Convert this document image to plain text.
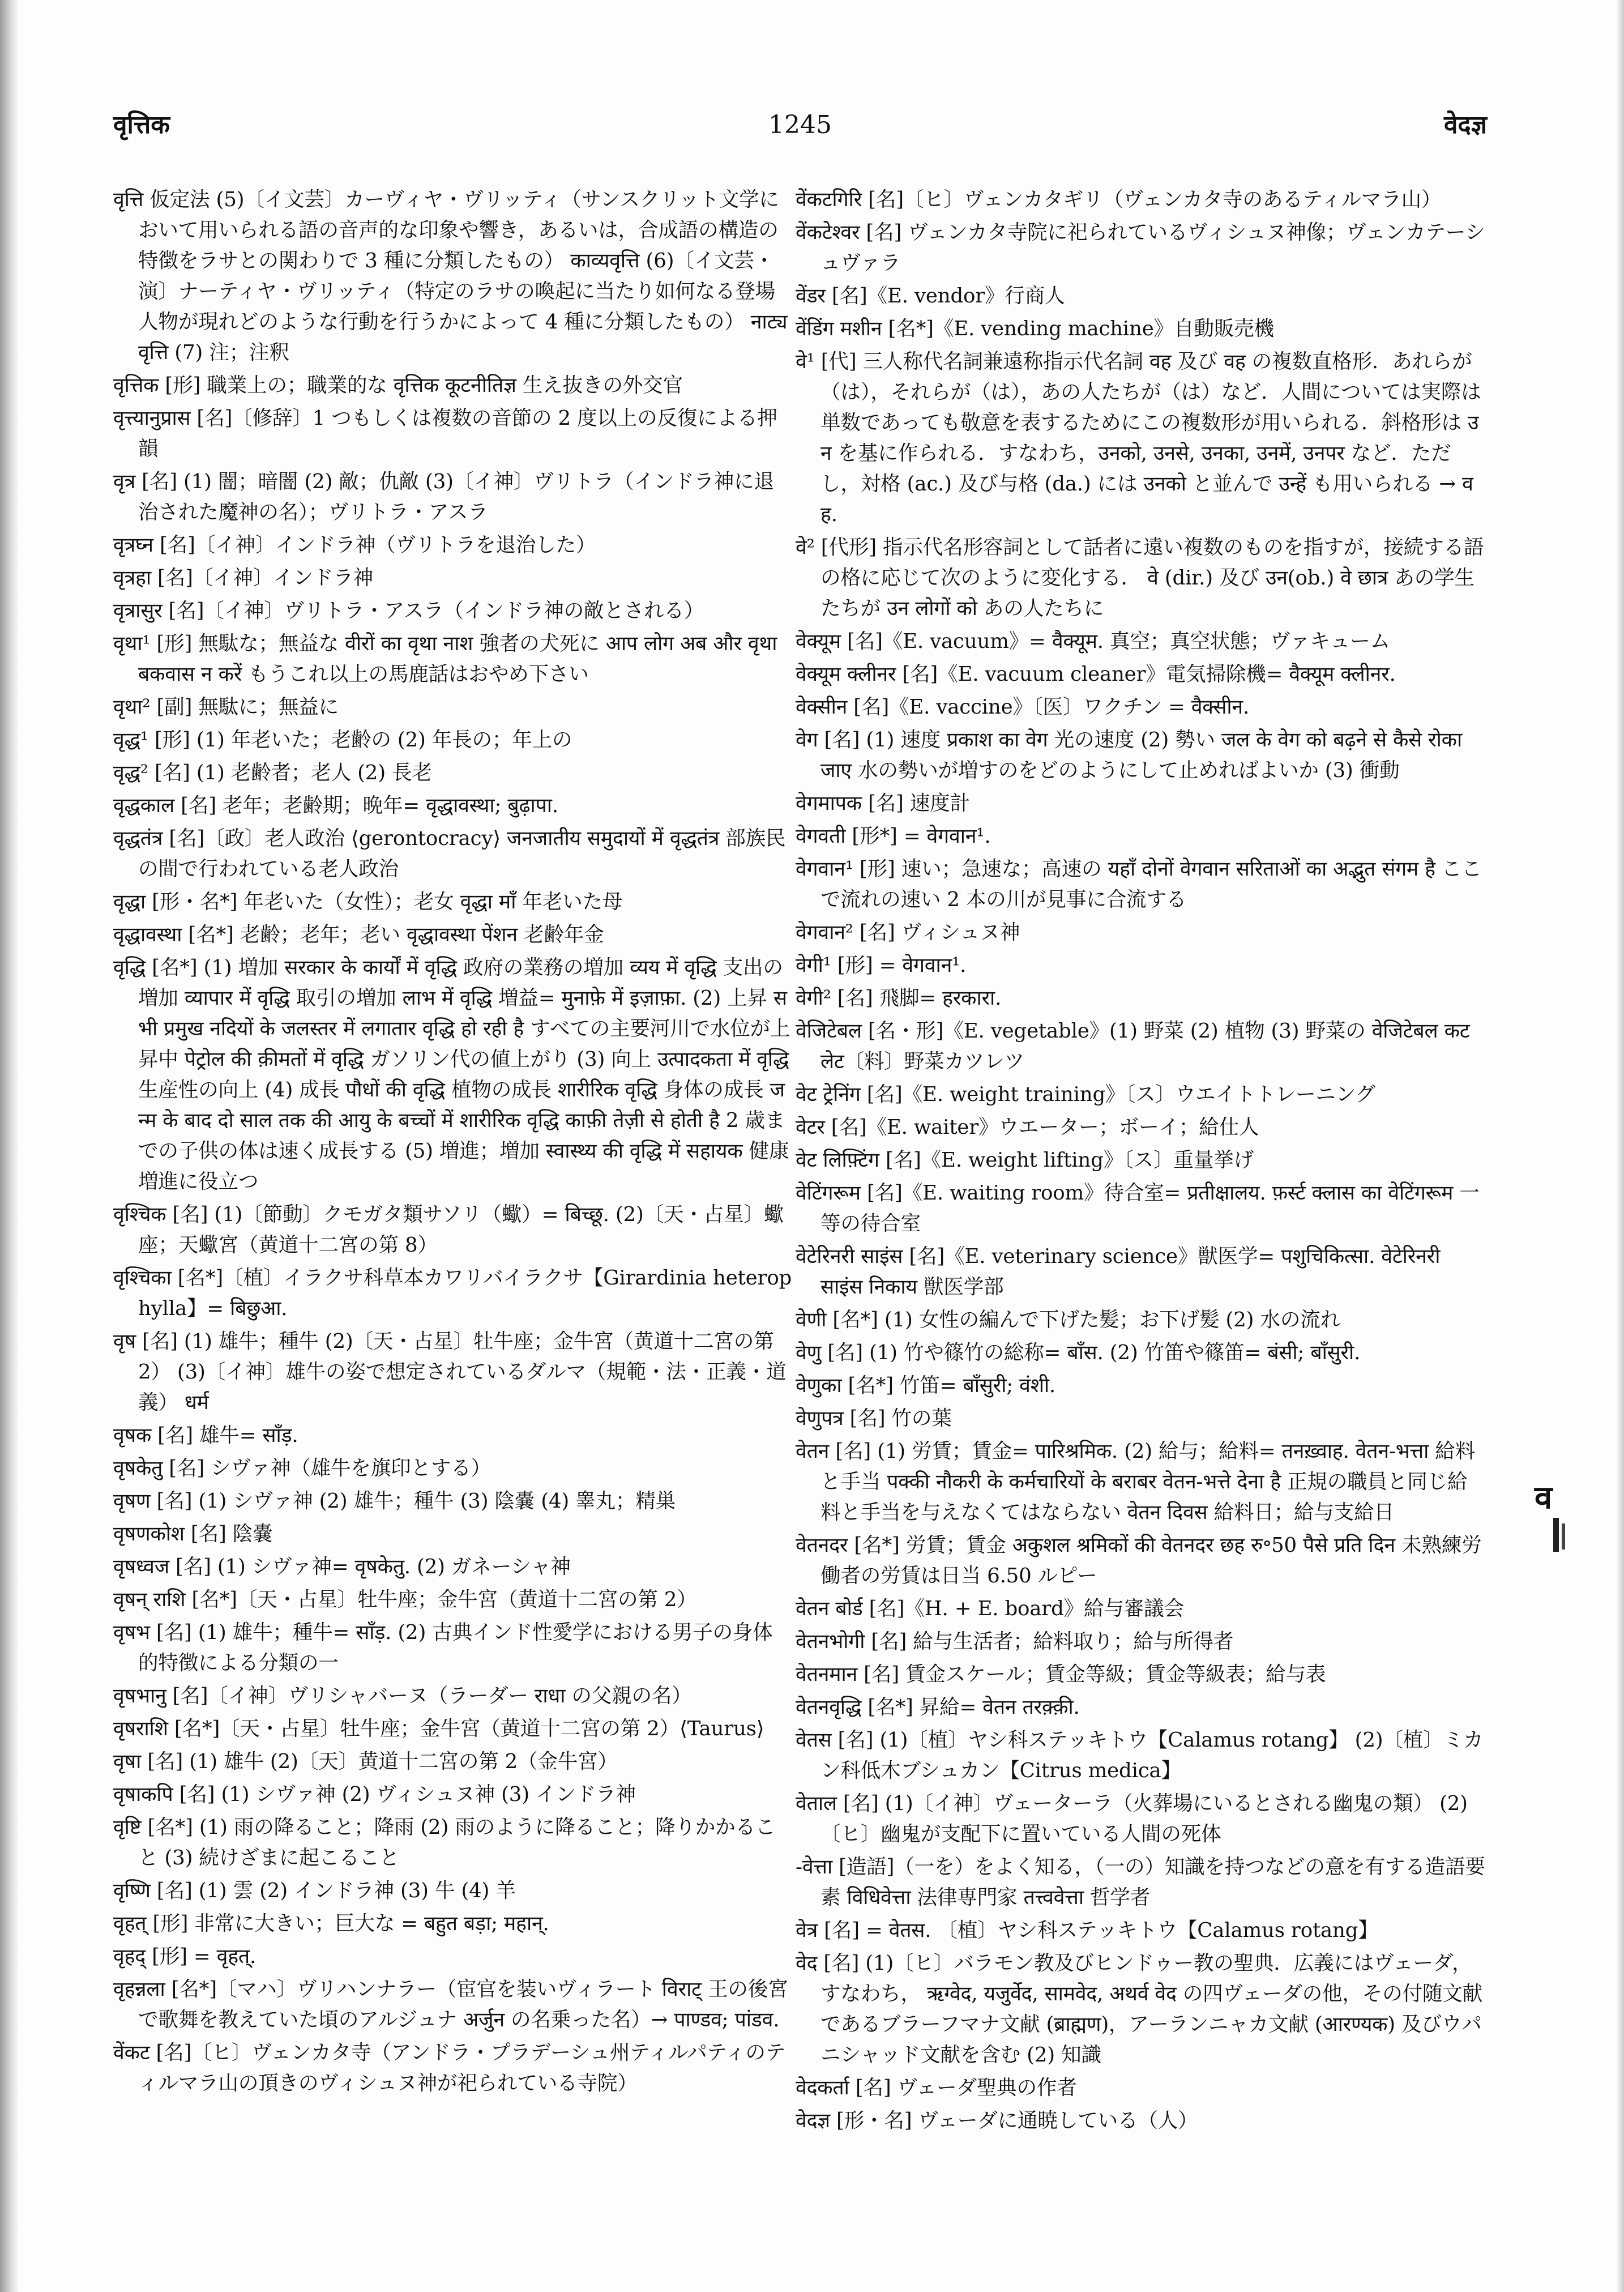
वृत्तिक	1245	वेदज्ञ

वृत्ति 仮定法 (5)〔イ文芸〕カーヴィヤ・ヴリッティ（サンスクリット文学において用いられる語の音声的な印象や響き，あるいは，合成語の構造の特徴をラサとの関わりで 3 種に分類したもの） काव्यवृत्ति (6)〔イ文芸・演〕ナーティヤ・ヴリッティ（特定のラサの喚起に当たり如何なる登場人物が現れどのような行動を行うかによって 4 種に分類したもの） नाट्यवृत्ति (7) 注；注釈

वृत्तिक [形] 職業上の；職業的な वृत्तिक कूटनीतिज्ञ 生え抜きの外交官

वृत्त्यानुप्रास [名]〔修辞〕1 つもしくは複数の音節の 2 度以上の反復による押韻

वृत्र [名] (1) 闇；暗闇 (2) 敵；仇敵 (3)〔イ神〕ヴリトラ（インドラ神に退治された魔神の名）；ヴリトラ・アスラ

वृत्रघ्न [名]〔イ神〕インドラ神（ヴリトラを退治した）

वृत्रहा [名]〔イ神〕インドラ神

वृत्रासुर [名]〔イ神〕ヴリトラ・アスラ（インドラ神の敵とされる）

वृथा¹ [形] 無駄な；無益な वीरों का वृथा नाश 強者の犬死に आप लोग अब और वृथा बकवास न करें もうこれ以上の馬鹿話はおやめ下さい

वृथा² [副] 無駄に；無益に

वृद्ध¹ [形] (1) 年老いた；老齢の (2) 年長の；年上の

वृद्ध² [名] (1) 老齢者；老人 (2) 長老

वृद्धकाल [名] 老年；老齢期；晩年= वृद्धावस्था; बुढ़ापा.

वृद्धतंत्र [名]〔政〕老人政治 ⟨gerontocracy⟩ जनजातीय समुदायों में वृद्धतंत्र 部族民の間で行われている老人政治

वृद्धा [形・名*] 年老いた（女性）；老女 वृद्धा माँ 年老いた母

वृद्धावस्था [名*] 老齢；老年；老い वृद्धावस्था पेंशन 老齢年金

वृद्धि [名*] (1) 増加 सरकार के कार्यों में वृद्धि 政府の業務の増加 व्यय में वृद्धि 支出の増加 व्यापार में वृद्धि 取引の増加 लाभ में वृद्धि 増益= मुनाफ़े में इज़ाफ़ा. (2) 上昇 सभी प्रमुख नदियों के जलस्तर में लगातार वृद्धि हो रही है すべての主要河川で水位が上昇中 पेट्रोल की क़ीमतों में वृद्धि ガソリン代の値上がり (3) 向上 उत्पादकता में वृद्धि 生産性の向上 (4) 成長 पौधों की वृद्धि 植物の成長 शारीरिक वृद्धि 身体の成長 जन्म के बाद दो साल तक की आयु के बच्चों में शारीरिक वृद्धि काफ़ी तेज़ी से होती है 2 歳までの子供の体は速く成長する (5) 増進；増加 स्वास्थ्य की वृद्धि में सहायक 健康増進に役立つ

वृश्चिक [名] (1)〔節動〕クモガタ類サソリ（蠍）= बिच्छू. (2)〔天・占星〕蠍座；天蠍宮（黄道十二宮の第 8）

वृश्चिका [名*]〔植〕イラクサ科草本カワリバイラクサ【Girardinia heterophylla】= बिछुआ.

वृष [名] (1) 雄牛；種牛 (2)〔天・占星〕牡牛座；金牛宮（黄道十二宮の第 2） (3)〔イ神〕雄牛の姿で想定されているダルマ（規範・法・正義・道義） धर्म

वृषक [名] 雄牛= साँड़.

वृषकेतु [名] シヴァ神（雄牛を旗印とする）

वृषण [名] (1) シヴァ神 (2) 雄牛；種牛 (3) 陰嚢 (4) 睾丸；精巣

वृषणकोश [名] 陰嚢

वृषध्वज [名] (1) シヴァ神= वृषकेतु. (2) ガネーシャ神

वृषन् राशि [名*]〔天・占星〕牡牛座；金牛宮（黄道十二宮の第 2）

वृषभ [名] (1) 雄牛；種牛= साँड़. (2) 古典インド性愛学における男子の身体的特徴による分類の一

वृषभानु [名]〔イ神〕ヴリシャバーヌ（ラーダー राधा の父親の名）

वृषराशि [名*]〔天・占星〕牡牛座；金牛宮（黄道十二宮の第 2）⟨Taurus⟩

वृषा [名] (1) 雄牛 (2)〔天〕黄道十二宮の第 2（金牛宮）

वृषाकपि [名] (1) シヴァ神 (2) ヴィシュヌ神 (3) インドラ神

वृष्टि [名*] (1) 雨の降ること；降雨 (2) 雨のように降ること；降りかかること (3) 続けざまに起こること

वृष्णि [名] (1) 雲 (2) インドラ神 (3) 牛 (4) 羊

वृहत् [形] 非常に大きい；巨大な = बहुत बड़ा; महान्.

वृहद् [形] = वृहत्.

वृहन्नला [名*]〔マハ〕ヴリハンナラー（宦官を装いヴィラート विराट् 王の後宮で歌舞を教えていた頃のアルジュナ अर्जुन の名乗った名）→ पाण्डव; पांडव.

वेंकट [名]〔ヒ〕ヴェンカタ寺（アンドラ・プラデーシュ州ティルパティのティルマラ山の頂きのヴィシュヌ神が祀られている寺院）

वेंकटगिरि [名]〔ヒ〕ヴェンカタギリ（ヴェンカタ寺のあるティルマラ山）

वेंकटेश्वर [名] ヴェンカタ寺院に祀られているヴィシュヌ神像；ヴェンカテーシュヴァラ

वेंडर [名]《E. vendor》行商人

वेंडिंग मशीन [名*]《E. vending machine》自動販売機

वे¹ [代] 三人称代名詞兼遠称指示代名詞 वह 及び वह の複数直格形．あれらが（は），それらが（は），あの人たちが（は）など．人間については実際は単数であっても敬意を表するためにこの複数形が用いられる．斜格形は उन を基に作られる．すなわち，उनको, उनसे, उनका, उनमें, उनपर など．ただし，対格 (ac.) 及び与格 (da.) には उनको と並んで उन्हें も用いられる → वह.

वे² [代形] 指示代名形容詞として話者に遠い複数のものを指すが，接続する語の格に応じて次のように変化する． वे (dir.) 及び उन(ob.) वे छात्र あの学生たちが उन लोगों को あの人たちに

वेक्यूम [名]《E. vacuum》= वैक्यूम. 真空；真空状態；ヴァキューム

वेक्यूम क्लीनर [名]《E. vacuum cleaner》電気掃除機= वैक्यूम क्लीनर.

वेक्सीन [名]《E. vaccine》〔医〕ワクチン = वैक्सीन.

वेग [名] (1) 速度 प्रकाश का वेग 光の速度 (2) 勢い जल के वेग को बढ़ने से कैसे रोका जाए 水の勢いが増すのをどのようにして止めればよいか (3) 衝動

वेगमापक [名] 速度計

वेगवती [形*] = वेगवान¹.

वेगवान¹ [形] 速い；急速な；高速の यहाँ दोनों वेगवान सरिताओं का अद्भुत संगम है ここで流れの速い 2 本の川が見事に合流する

वेगवान² [名] ヴィシュヌ神

वेगी¹ [形] = वेगवान¹.

वेगी² [名] 飛脚= हरकारा.

वेजिटेबल [名・形]《E. vegetable》(1) 野菜 (2) 植物 (3) 野菜の वेजिटेबल कटलेट〔料〕野菜カツレツ

वेट ट्रेनिंग [名]《E. weight training》〔ス〕ウエイトトレーニング

वेटर [名]《E. waiter》ウエーター；ボーイ；給仕人

वेट लिफ़्टिंग [名]《E. weight lifting》〔ス〕重量挙げ

वेटिंगरूम [名]《E. waiting room》待合室= प्रतीक्षालय. फ़र्स्ट क्लास का वेटिंगरूम 一等の待合室

वेटेरिनरी साइंस [名]《E. veterinary science》獣医学= पशुचिकित्सा. वेटेरिनरी साइंस निकाय 獣医学部

वेणी [名*] (1) 女性の編んで下げた髪；お下げ髪 (2) 水の流れ

वेणु [名] (1) 竹や篠竹の総称= बाँस. (2) 竹笛や篠笛= बंसी; बाँसुरी.

वेणुका [名*] 竹笛= बाँसुरी; वंशी.

वेणुपत्र [名] 竹の葉

वेतन [名] (1) 労賃；賃金= पारिश्रमिक. (2) 給与；給料= तनख़्वाह. वेतन-भत्ता 給料と手当 पक्की नौकरी के कर्मचारियों के बराबर वेतन-भत्ते देना है 正規の職員と同じ給料と手当を与えなくてはならない वेतन दिवस 給料日；給与支給日

वेतनदर [名*] 労賃；賃金 अकुशल श्रमिकों की वेतनदर छह रु॰50 पैसे प्रति दिन 未熟練労働者の労賃は日当 6.50 ルピー

वेतन बोर्ड [名]《H. + E. board》給与審議会

वेतनभोगी [名] 給与生活者；給料取り；給与所得者

वेतनमान [名] 賃金スケール；賃金等級；賃金等級表；給与表

वेतनवृद्धि [名*] 昇給= वेतन तरक़्क़ी.

वेतस [名] (1)〔植〕ヤシ科ステッキトウ【Calamus rotang】 (2)〔植〕ミカン科低木ブシュカン【Citrus medica】

वेताल [名] (1)〔イ神〕ヴェーターラ（火葬場にいるとされる幽鬼の類） (2)〔ヒ〕幽鬼が支配下に置いている人間の死体

-वेत्ता [造語]（一を）をよく知る，（一の）知識を持つなどの意を有する造語要素 विधिवेत्ता 法律専門家 तत्त्ववेत्ता 哲学者

वेत्र [名] = वेतस. 〔植〕ヤシ科ステッキトウ【Calamus rotang】

वेद [名] (1)〔ヒ〕バラモン教及びヒンドゥー教の聖典．広義にはヴェーダ，すなわち， ऋग्वेद, यजुर्वेद, सामवेद, अथर्व वेद の四ヴェーダの他，その付随文献であるブラーフマナ文献 (ब्राह्मण)，アーランニャカ文献 (आरण्यक) 及びウパニシャッド文献を含む (2) 知識

वेदकर्ता [名] ヴェーダ聖典の作者

वेदज्ञ [形・名] ヴェーダに通暁している（人）

व
